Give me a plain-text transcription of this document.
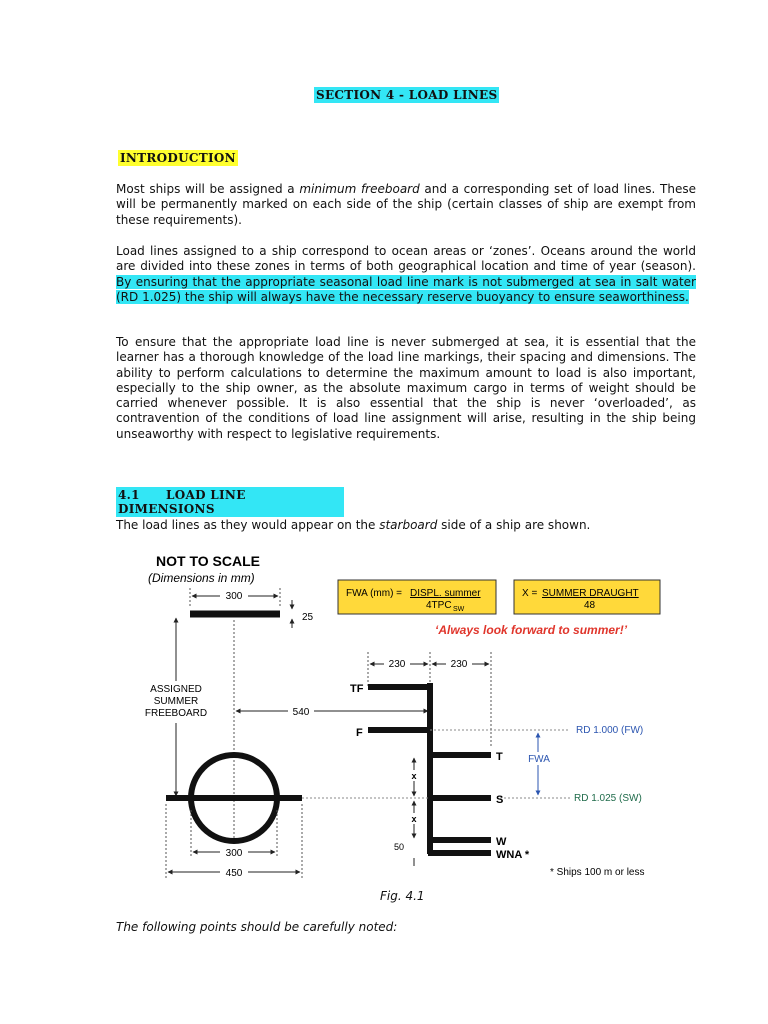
SECTION 4 - LOAD LINES
INTRODUCTION
Most ships will be assigned a minimum freeboard and a corresponding set of load lines. These will be permanently marked on each side of the ship (certain classes of ship are exempt from these requirements).
Load lines assigned to a ship correspond to ocean areas or ‘zones’. Oceans around the world are divided into these zones in terms of both geographical location and time of year (season). By ensuring that the appropriate seasonal load line mark is not submerged at sea in salt water (RD 1.025) the ship will always have the necessary reserve buoyancy to ensure seaworthiness.
To ensure that the appropriate load line is never submerged at sea, it is essential that the learner has a thorough knowledge of the load line markings, their spacing and dimensions. The ability to perform calculations to determine the maximum amount to load is also important, especially to the ship owner, as the absolute maximum cargo in terms of weight should be carried whenever possible. It is also essential that the ship is never ‘overloaded’, as contravention of the conditions of load line assignment will arise, resulting in the ship being unseaworthy with respect to legislative requirements.
4.1 LOAD LINE DIMENSIONS
The load lines as they would appear on the starboard side of a ship are shown.
NOT TO SCALE
(Dimensions in mm)
300
25
FWA (mm) = DISPL. summer
4TPC SW
X = SUMMER DRAUGHT
48
‘Always look forward to summer!’
230	230
ASSIGNED
SUMMER
FREEBOARD	540
TF
F
T
S
W
WNA *
RD 1.000 (FW)
RD 1.025 (SW)
FWA
x
x
50
300
450	* Ships 100 m or less
Fig. 4.1
The following points should be carefully noted:
